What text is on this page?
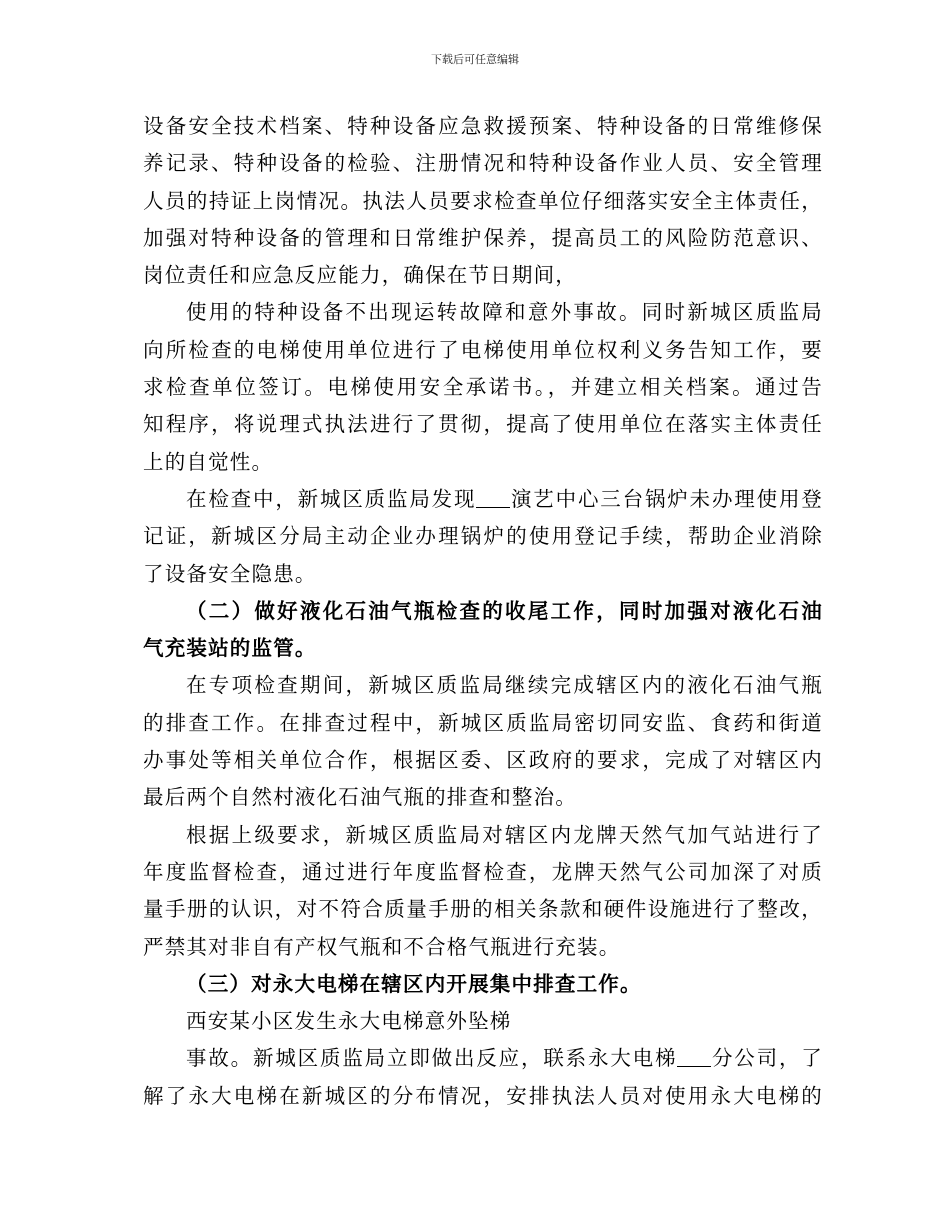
下载后可任意编辑
设备安全技术档案、特种设备应急救援预案、特种设备的日常维修保
养记录、特种设备的检验、注册情况和特种设备作业人员、安全管理
人员的持证上岗情况。执法人员要求检查单位仔细落实安全主体责任，
加强对特种设备的管理和日常维护保养，提高员工的风险防范意识、
岗位责任和应急反应能力，确保在节日期间，
使用的特种设备不出现运转故障和意外事故。同时新城区质监局
向所检查的电梯使用单位进行了电梯使用单位权利义务告知工作，要
求检查单位签订。电梯使用安全承诺书。，并建立相关档案。通过告
知程序，将说理式执法进行了贯彻，提高了使用单位在落实主体责任
上的自觉性。
在检查中，新城区质监局发现 演艺中心三台锅炉未办理使用登
记证，新城区分局主动企业办理锅炉的使用登记手续，帮助企业消除
了设备安全隐患。
（二）做好液化石油气瓶检查的收尾工作，同时加强对液化石油
气充装站的监管。
在专项检查期间，新城区质监局继续完成辖区内的液化石油气瓶
的排查工作。在排查过程中，新城区质监局密切同安监、食药和街道
办事处等相关单位合作，根据区委、区政府的要求，完成了对辖区内
最后两个自然村液化石油气瓶的排查和整治。
根据上级要求，新城区质监局对辖区内龙牌天然气加气站进行了
年度监督检查，通过进行年度监督检查，龙牌天然气公司加深了对质
量手册的认识，对不符合质量手册的相关条款和硬件设施进行了整改，
严禁其对非自有产权气瓶和不合格气瓶进行充装。
（三）对永大电梯在辖区内开展集中排查工作。
西安某小区发生永大电梯意外坠梯
事故。新城区质监局立即做出反应，联系永大电梯 分公司，了
解了永大电梯在新城区的分布情况，安排执法人员对使用永大电梯的
